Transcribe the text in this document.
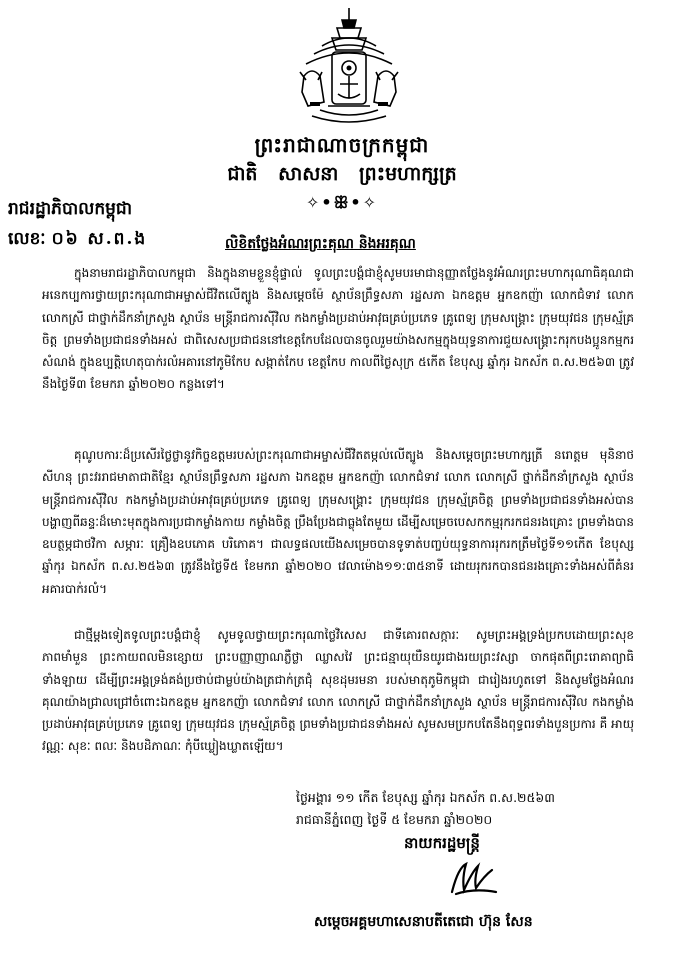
ព្រះរាជាណាចក្រកម្ពុជា
ជាតិ សាសនា ព្រះមហាក្សត្រ
✧•ꕥ•✧
រាជរដ្ឋាភិបាលកម្ពុជា
លេខៈ ០៦ ស.ព.ង	លិខិតថ្លែងអំណរព្រះគុណ និងអរគុណ
ក្នុងនាមរាជរដ្ឋាភិបាលកម្ពុជា និងក្នុងនាមខ្លួនខ្ញុំផ្ទាល់ ទូលព្រះបង្គំជាខ្ញុំសូមបរមាជានុញ្ញាតថ្លែងនូវអំណរព្រះមហាករុណាធិគុណជាអនេកប្បការថ្វាយព្រះករុណាជាអម្ចាស់ជីវិតលើត្បូង និងសម្តេចម៉ែ ស្ថាប័នព្រឹទ្ធសភា រដ្ឋសភា ឯកឧត្តម អ្នកឧកញ៉ា លោកជំទាវ លោក លោកស្រី ជាថ្នាក់ដឹកនាំក្រសួង ស្ថាប័ន មន្ត្រីរាជការស៊ីវិល កងកម្លាំងប្រដាប់អាវុធគ្រប់ប្រភេទ គ្រូពេទ្យ ក្រុមសង្គ្រោះ ក្រុមយុវជន ក្រុមស្ម័គ្រចិត្ត ព្រមទាំងប្រជាជនទាំងអស់ ជាពិសេសប្រជាជននៅខេត្តកែបដែលបានចូលរួមយ៉ាងសកម្មក្នុងយុទ្ធនាការជួយសង្គ្រោះករុកបងប្អូនកម្មករសំណង់ ក្នុងឧប្បត្តិហេតុបាក់រលំអគារនៅភូមិកែប សង្កាត់កែប ខេត្តកែប កាលពីថ្ងៃសុក្រ ៥កើត ខែបុស្ស ឆ្នាំកុរ ឯកស័ក ព.ស.២៥៦៣ ត្រូវនឹងថ្ងៃទី៣ ខែមករា ឆ្នាំ២០២០ កន្លងទៅ។
គុណូបការៈដ៏ប្រសើរថ្លៃថ្លានូវកិច្ចឧត្តមរបស់ព្រះករុណាជាអម្ចាស់ជីវិតតម្កល់លើត្បូង និងសម្តេចព្រះមហាក្សត្រី នរោត្តម មុនិនាថ សីហនុ ព្រះវររាជមាតាជាតិខ្មែរ ស្ថាប័នព្រឹទ្ធសភា រដ្ឋសភា ឯកឧត្តម អ្នកឧកញ៉ា លោកជំទាវ លោក លោកស្រី ថ្នាក់ដឹកនាំក្រសួង ស្ថាប័ន មន្ត្រីរាជការស៊ីវិល កងកម្លាំងប្រដាប់អាវុធគ្រប់ប្រភេទ គ្រូពេទ្យ ក្រុមសង្គ្រោះ ក្រុមយុវជន ក្រុមស្ម័គ្រចិត្ត ព្រមទាំងប្រជាជនទាំងអស់បានបង្ហាញពីឆន្ទៈដ៏មោះមុតក្នុងការប្រជាកម្លាំងកាយ កម្លាំងចិត្ត ប្រឹងប្រែងជាធ្លុងតែមួយ ដើម្បីសម្រេចបេសកកម្មរុករកជនរងគ្រោះ ព្រមទាំងបានឧបត្ថម្ភជាថវិកា សម្ភារៈ គ្រឿងឧបភោគ បរិភោគ។ ជាលទ្ធផលយើងសម្រេចបានទូទាត់បញ្ចប់យុទ្ធនាការរុករកត្រឹមថ្ងៃទី១១កើត ខែបុស្ស ឆ្នាំកុរ ឯកស័ក ព.ស.២៥៦៣ ត្រូវនឹងថ្ងៃទី៥ ខែមករា ឆ្នាំ២០២០ វេលាម៉ោង១១:៣៥នាទី ដោយរុករកបានជនរងគ្រោះទាំងអស់ពីគំនរអគារបាក់រលំ។
ជាថ្មីម្តងទៀតទូលព្រះបង្គំជាខ្ញុំ សូមទូលថ្វាយព្រះករុណាថ្លៃវិសេស ជាទីគោរពសក្ការៈ សូមព្រះអង្គទ្រង់ប្រកបដោយព្រះសុខភាពមាំមួន ព្រះកាយពលមិនខ្សោយ ព្រះបញ្ញាញាណភ្លឺថ្លា ឈ្លាសវៃ ព្រះជន្មាយុយឺនយូរជាងរយព្រះវស្សា ចាកផុតពីព្រះរោគាព្យាធិទាំងឡាយ ដើម្បីព្រះអង្គទ្រង់គង់ប្រថាប់ជាម្លប់យ៉ាងត្រជាក់ត្រជុំ សុខដុមរមនា របស់មាតុភូមិកម្ពុជា ជារៀងរហូតទៅ និងសូមថ្លែងអំណរគុណយ៉ាងជ្រាលជ្រៅចំពោះឯកឧត្តម អ្នកឧកញ៉ា លោកជំទាវ លោក លោកស្រី ជាថ្នាក់ដឹកនាំក្រសួង ស្ថាប័ន មន្ត្រីរាជការស៊ីវិល កងកម្លាំងប្រដាប់អាវុធគ្រប់ប្រភេទ គ្រូពេទ្យ ក្រុមយុវជន ក្រុមស្ម័គ្រចិត្ត ព្រមទាំងប្រជាជនទាំងអស់ សូមសមប្រកបតែនឹងពុទ្ធពរទាំងបួនប្រការ គឺ អាយុ វណ្ណៈ សុខៈ ពលៈ និងបដិភាណៈ កុំបីឃ្លៀងឃ្លាតឡើយ។
ថ្ងៃអង្គារ ១១ កើត ខែបុស្ស ឆ្នាំកុរ ឯកស័ក ព.ស.២៥៦៣
រាជធានីភ្នំពេញ ថ្ងៃទី ៥ ខែមករា ឆ្នាំ២០២០
នាយករដ្ឋមន្ត្រី
សម្តេចអគ្គមហាសេនាបតីតេជោ ហ៊ុន សែន
